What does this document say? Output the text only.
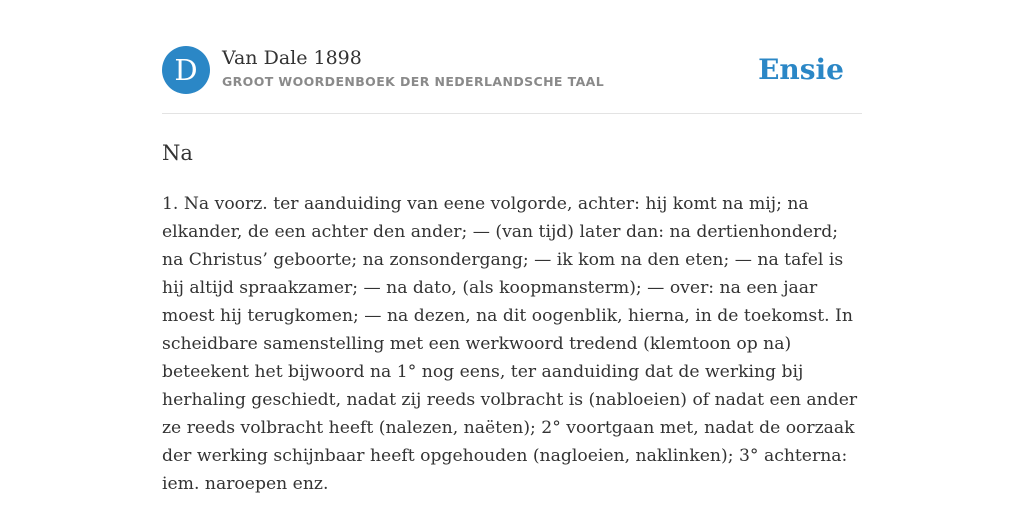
D	Van Dale 1898
GROOT WOORDENBOEK DER NEDERLANDSCHE TAAL	Ensie
Na

1. Na voorz. ter aanduiding van eene volgorde, achter: hij komt na mij; na elkander, de een achter den ander; — (van tijd) later dan: na dertienhonderd; na Christus’ geboorte; na zonsondergang; — ik kom na den eten; — na tafel is hij altijd spraakzamer; — na dato, (als koopmansterm); — over: na een jaar moest hij terugkomen; — na dezen, na dit oogenblik, hierna, in de toekomst. In scheidbare samenstelling met een werkwoord tredend (klemtoon op na) beteekent het bijwoord na 1° nog eens, ter aanduiding dat de werking bij herhaling geschiedt, nadat zij reeds volbracht is (nabloeien) of nadat een ander ze reeds volbracht heeft (nalezen, naëten); 2° voortgaan met, nadat de oorzaak der werking schijnbaar heeft opgehouden (nagloeien, naklinken); 3° achterna: iem. naroepen enz.
